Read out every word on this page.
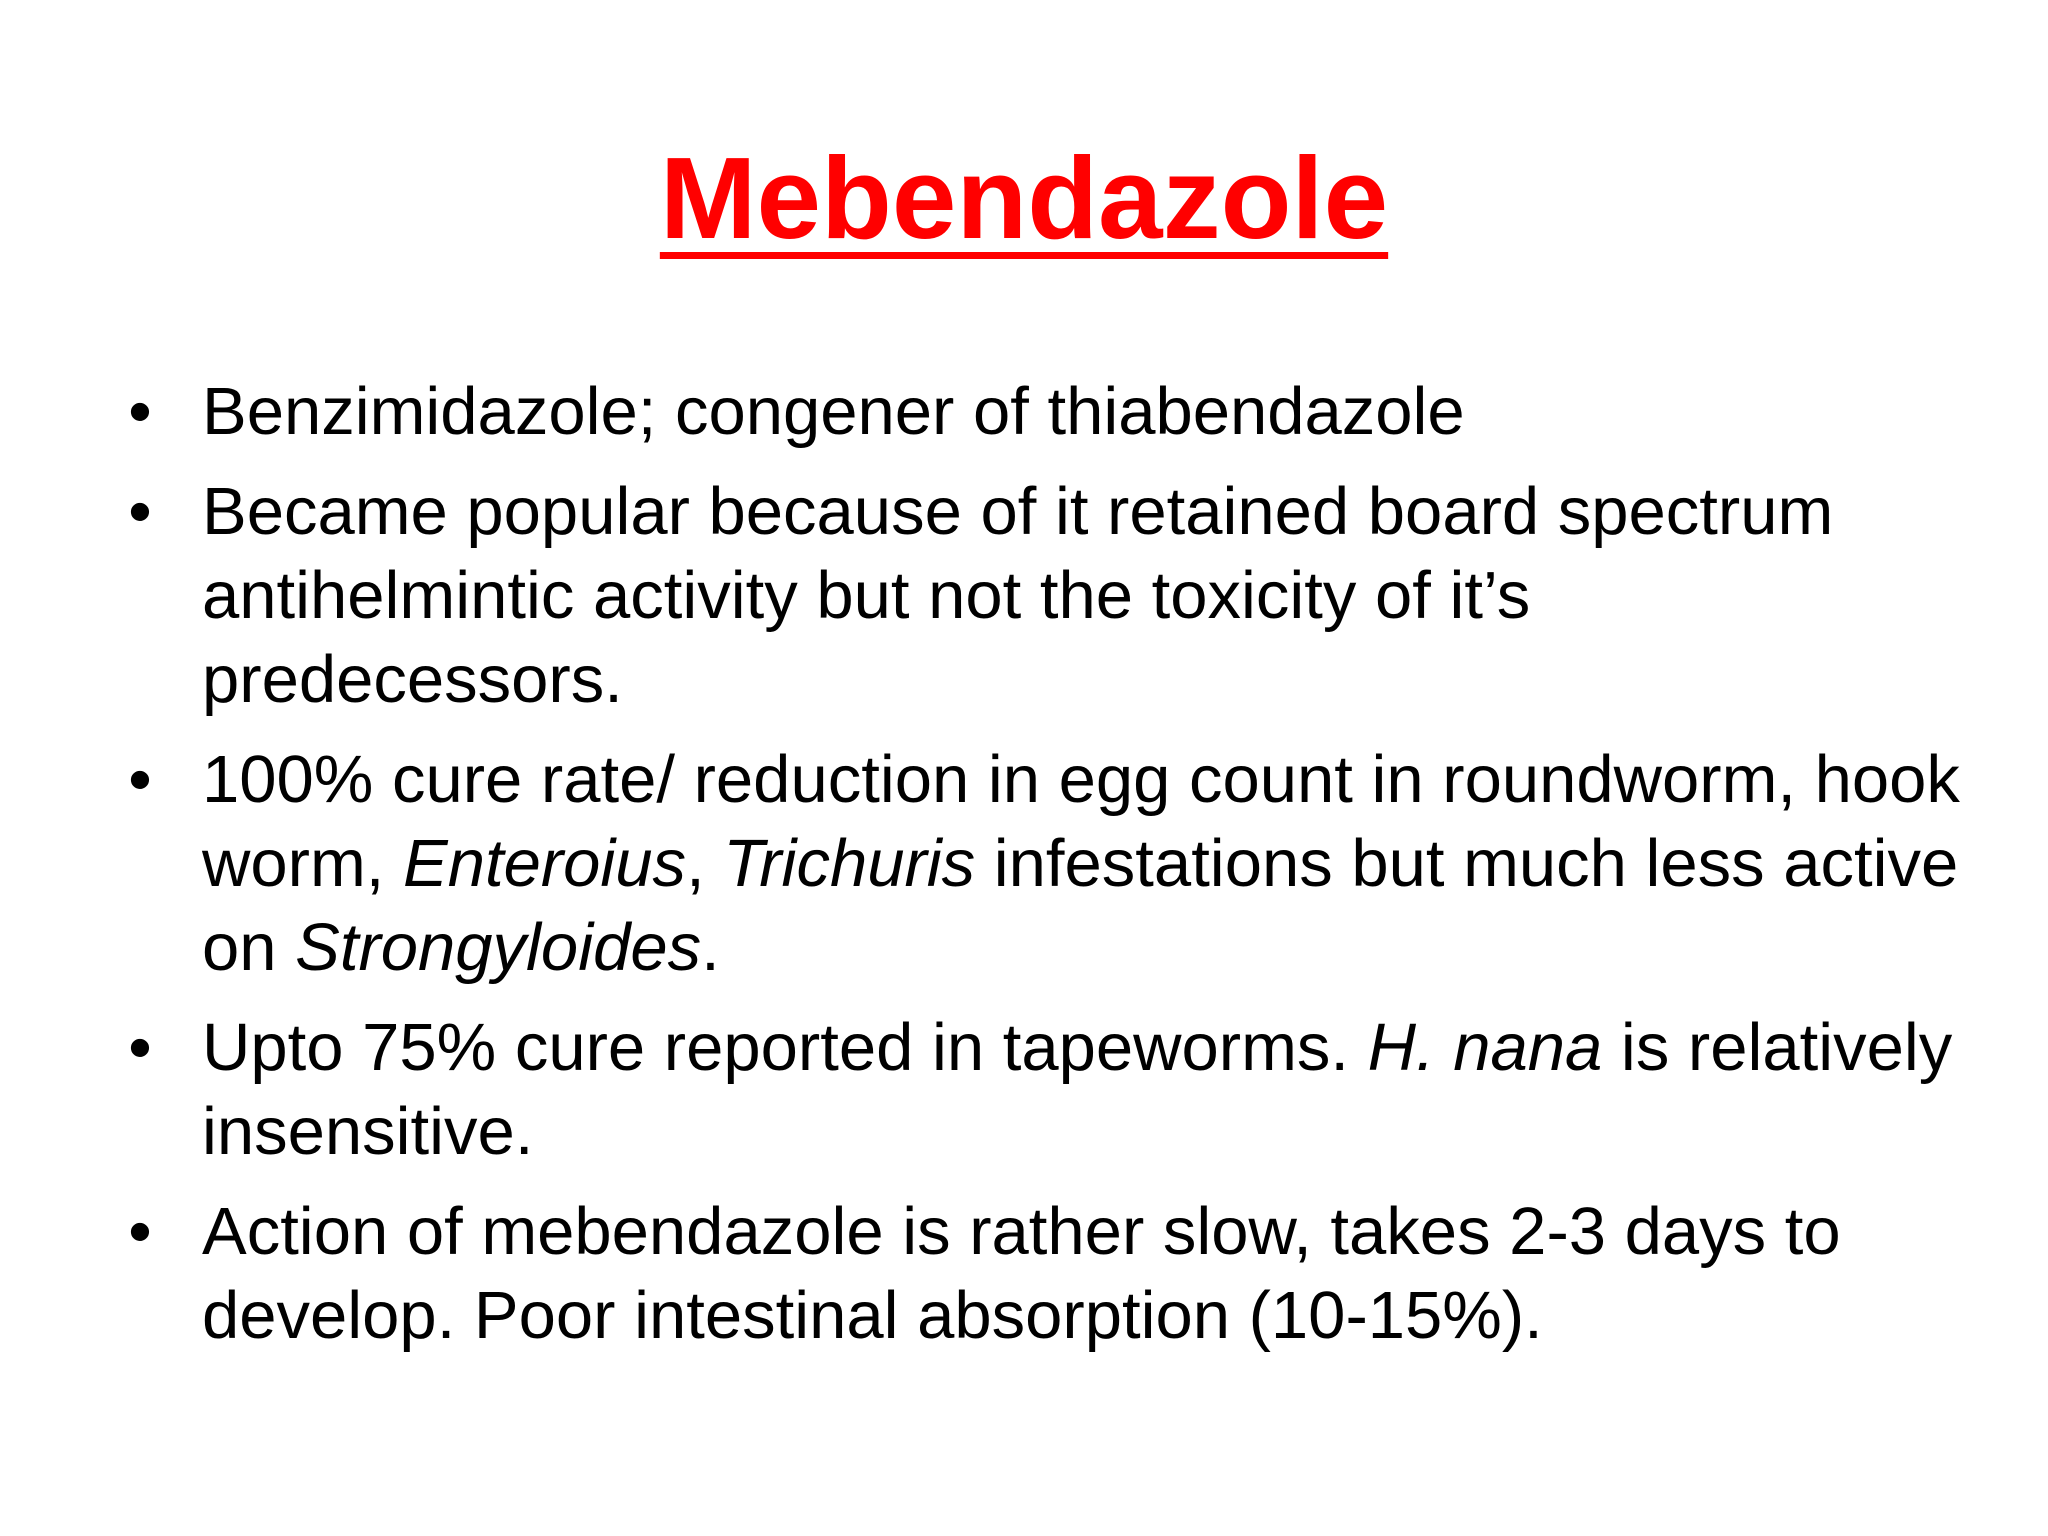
Mebendazole
• Benzimidazole; congener of thiabendazole
• Became popular because of it retained board spectrum antihelmintic activity but not the toxicity of it’s predecessors.
• 100% cure rate/ reduction in egg count in roundworm, hook worm, Enteroius, Trichuris infestations but much less active on Strongyloides.
• Upto 75% cure reported in tapeworms. H. nana is relatively insensitive.
• Action of mebendazole is rather slow, takes 2-3 days to develop. Poor intestinal absorption (10-15%).
